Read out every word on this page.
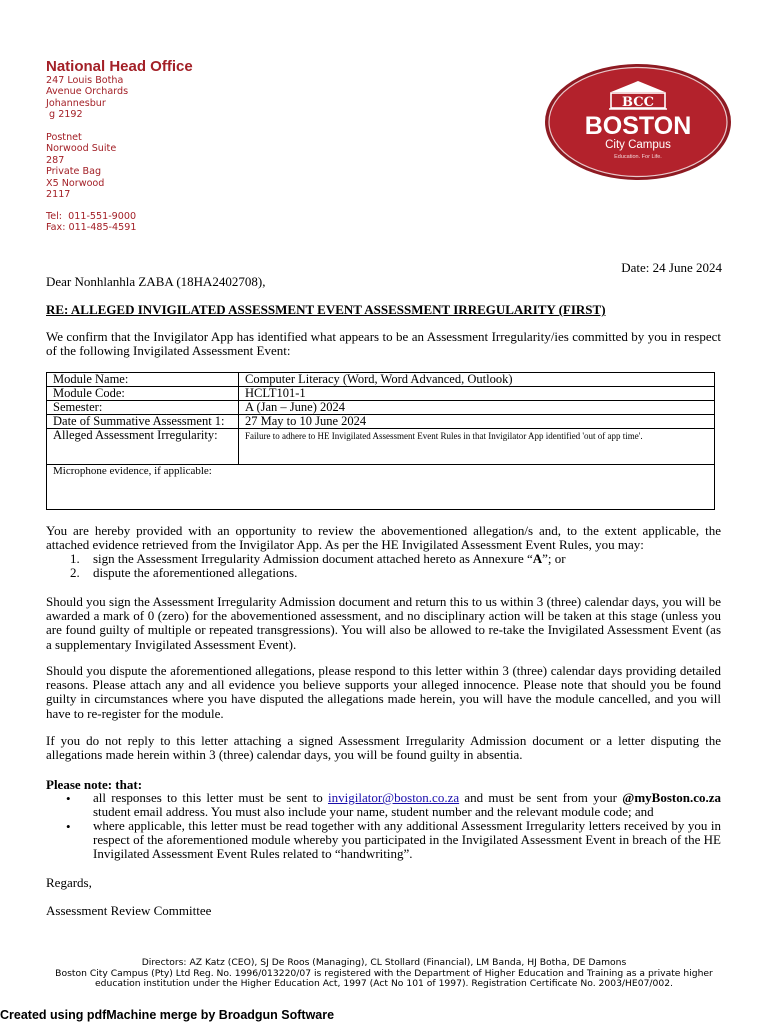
National Head Office
247 Louis Botha
Avenue Orchards
Johannesbur
g 2192
Postnet
Norwood Suite
287
Private Bag
X5 Norwood
2117
Tel:  011-551-9000
Fax: 011-485-4591
BCC
BOSTON
City Campus
Education. For Life.
Date: 24 June 2024
Dear Nonhlanhla ZABA (18HA2402708),
RE: ALLEGED INVIGILATED ASSESSMENT EVENT ASSESSMENT IRREGULARITY (FIRST)
We confirm that the Invigilator App has identified what appears to be an Assessment Irregularity/ies committed by you in respect of the following Invigilated Assessment Event:
Module Name:	Computer Literacy (Word, Word Advanced, Outlook)
Module Code:	HCLT101-1
Semester:	A (Jan – June) 2024
Date of Summative Assessment 1:	27 May to 10 June 2024
Alleged Assessment Irregularity:	Failure to adhere to HE Invigilated Assessment Event Rules in that Invigilator App identified 'out of app time'.
Microphone evidence, if applicable:	
You are hereby provided with an opportunity to review the abovementioned allegation/s and, to the extent applicable, the attached evidence retrieved from the Invigilator App. As per the HE Invigilated Assessment Event Rules, you may:
1. sign the Assessment Irregularity Admission document attached hereto as Annexure “A”; or
2. dispute the aforementioned allegations.
Should you sign the Assessment Irregularity Admission document and return this to us within 3 (three) calendar days, you will be awarded a mark of 0 (zero) for the abovementioned assessment, and no disciplinary action will be taken at this stage (unless you are found guilty of multiple or repeated transgressions). You will also be allowed to re-take the Invigilated Assessment Event (as a supplementary Invigilated Assessment Event).
Should you dispute the aforementioned allegations, please respond to this letter within 3 (three) calendar days providing detailed reasons. Please attach any and all evidence you believe supports your alleged innocence. Please note that should you be found guilty in circumstances where you have disputed the allegations made herein, you will have the module cancelled, and you will have to re-register for the module.
If you do not reply to this letter attaching a signed Assessment Irregularity Admission document or a letter disputing the allegations made herein within 3 (three) calendar days, you will be found guilty in absentia.
Please note: that:
• all responses to this letter must be sent to invigilator@boston.co.za and must be sent from your @myBoston.co.za student email address. You must also include your name, student number and the relevant module code; and
• where applicable, this letter must be read together with any additional Assessment Irregularity letters received by you in respect of the aforementioned module whereby you participated in the Invigilated Assessment Event in breach of the HE Invigilated Assessment Event Rules related to “handwriting”.
Regards,
Assessment Review Committee
Directors: AZ Katz (CEO), SJ De Roos (Managing), CL Stollard (Financial), LM Banda, HJ Botha, DE Damons
Boston City Campus (Pty) Ltd Reg. No. 1996/013220/07 is registered with the Department of Higher Education and Training as a private higher education institution under the Higher Education Act, 1997 (Act No 101 of 1997). Registration Certificate No. 2003/HE07/002.
Created using pdfMachine merge by Broadgun Software
